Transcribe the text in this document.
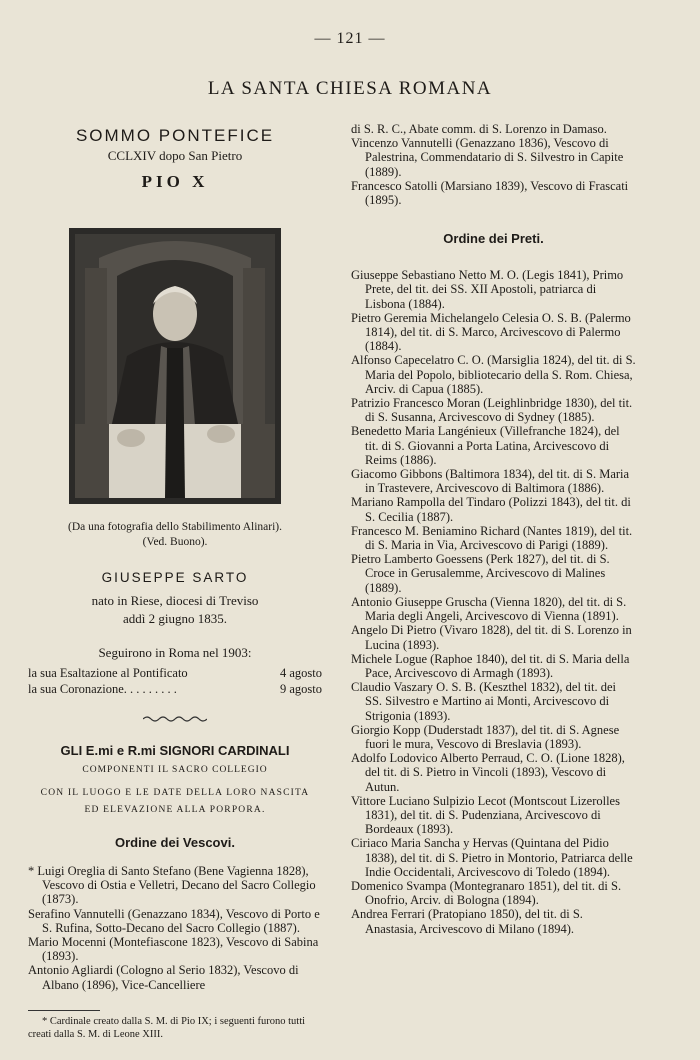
— 121 —
LA SANTA CHIESA ROMANA
SOMMO PONTEFICE
CCLXIV dopo San Pietro
PIO X
(Da una fotografia dello Stabilimento Alinari).
(Ved. Buono).
GIUSEPPE SARTO
nato in Riese, diocesi di Treviso
addì 2 giugno 1835.
Seguirono in Roma nel 1903:
la sua Esaltazione al Pontificato	4 agosto
la sua Coronazione. . . . . . . . .	9 agosto
GLI E.mi e R.mi SIGNORI CARDINALI
COMPONENTI IL SACRO COLLEGIO
CON IL LUOGO E LE DATE DELLA LORO NASCITA
ED ELEVAZIONE ALLA PORPORA.
Ordine dei Vescovi.

* Luigi Oreglia di Santo Stefano (Bene Vagienna 1828), Vescovo di Ostia e Velletri, Decano del Sacro Collegio (1873).

Serafino Vannutelli (Genazzano 1834), Vescovo di Porto e S. Rufina, Sotto-Decano del Sacro Collegio (1887).

Mario Mocenni (Montefiascone 1823), Vescovo di Sabina (1893).

Antonio Agliardi (Cologno al Serio 1832), Vescovo di Albano (1896), Vice-Cancelliere

* Cardinale creato dalla S. M. di Pio IX; i seguenti furono tutti creati dalla S. M. di Leone XIII.

di S. R. C., Abate comm. di S. Lorenzo in Damaso.

Vincenzo Vannutelli (Genazzano 1836), Vescovo di Palestrina, Commendatario di S. Silvestro in Capite (1889).

Francesco Satolli (Marsiano 1839), Vescovo di Frascati (1895).

Ordine dei Preti.

Giuseppe Sebastiano Netto M. O. (Legis 1841), Primo Prete, del tit. dei SS. XII Apostoli, patriarca di Lisbona (1884).

Pietro Geremia Michelangelo Celesia O. S. B. (Palermo 1814), del tit. di S. Marco, Arcivescovo di Palermo (1884).

Alfonso Capecelatro C. O. (Marsiglia 1824), del tit. di S. Maria del Popolo, bibliotecario della S. Rom. Chiesa, Arciv. di Capua (1885).

Patrizio Francesco Moran (Leighlinbridge 1830), del tit. di S. Susanna, Arcivescovo di Sydney (1885).

Benedetto Maria Langénieux (Villefranche 1824), del tit. di S. Giovanni a Porta Latina, Arcivescovo di Reims (1886).

Giacomo Gibbons (Baltimora 1834), del tit. di S. Maria in Trastevere, Arcivescovo di Baltimora (1886).

Mariano Rampolla del Tindaro (Polizzi 1843), del tit. di S. Cecilia (1887).

Francesco M. Beniamino Richard (Nantes 1819), del tit. di S. Maria in Via, Arcivescovo di Parigi (1889).

Pietro Lamberto Goessens (Perk 1827), del tit. di S. Croce in Gerusalemme, Arcivescovo di Malines (1889).

Antonio Giuseppe Gruscha (Vienna 1820), del tit. di S. Maria degli Angeli, Arcivescovo di Vienna (1891).

Angelo Di Pietro (Vivaro 1828), del tit. di S. Lorenzo in Lucina (1893).

Michele Logue (Raphoe 1840), del tit. di S. Maria della Pace, Arcivescovo di Armagh (1893).

Claudio Vaszary O. S. B. (Keszthel 1832), del tit. dei SS. Silvestro e Martino ai Monti, Arcivescovo di Strigonia (1893).

Giorgio Kopp (Duderstadt 1837), del tit. di S. Agnese fuori le mura, Vescovo di Breslavia (1893).

Adolfo Lodovico Alberto Perraud, C. O. (Lione 1828), del tit. di S. Pietro in Vincoli (1893), Vescovo di Autun.

Vittore Luciano Sulpizio Lecot (Montscout Lizerolles 1831), del tit. di S. Pudenziana, Arcivescovo di Bordeaux (1893).

Ciriaco Maria Sancha y Hervas (Quintana del Pidio 1838), del tit. di S. Pietro in Montorio, Patriarca delle Indie Occidentali, Arcivescovo di Toledo (1894).

Domenico Svampa (Montegranaro 1851), del tit. di S. Onofrio, Arciv. di Bologna (1894).

Andrea Ferrari (Pratopiano 1850), del tit. di S. Anastasia, Arcivescovo di Milano (1894).
